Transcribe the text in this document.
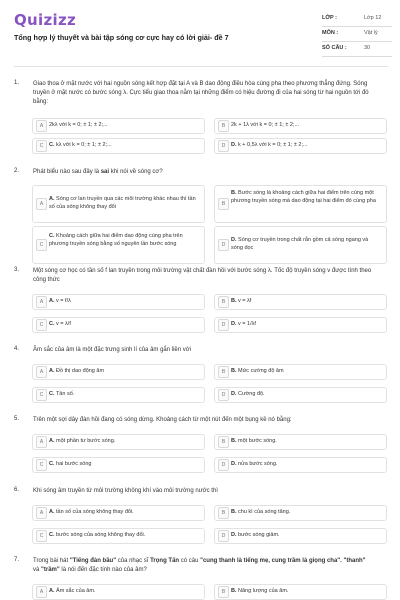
Quizizz
Tổng hợp lý thuyết và bài tập sóng cơ cực hay có lời giải- đề 7
LỚP :	Lớp 12
MÔN :	Vật lý
SỐ CÂU :	30
1. Giao thoa ở mặt nước với hai nguồn sóng kết hợp đặt tại A và B dao động điều hòa cùng pha theo phương thẳng đứng. Sóng truyền ở mặt nước có bước sóng λ. Cực tiểu giao thoa nằm tại những điểm có hiệu đường đi của hai sóng từ hai nguồn tới đó bằng:
A	2kλ với k = 0; ± 1; ± 2;...	B	2k + 1λ với k = 0; ± 1; ± 2;...
C	C. kλ với k = 0; ± 1; ± 2;...	D	D. k + 0,5λ với k = 0; ± 1; ± 2;...
2. Phát biểu nào sau đây là sai khi nói về sóng cơ?
A
A. Sóng cơ lan truyền qua các môi trường khác nhau thì tần số của sóng không thay đổi	B
B. Bước sóng là khoảng cách giữa hai điểm trên cùng một phương truyền sóng mà dao động tại hai điểm đó cùng pha
C
C. Khoảng cách giữa hai điểm dao động cùng pha trên phương truyền sóng bằng số nguyên lần bước sóng	D
D. Sóng cơ truyền trong chất rắn gồm cả sóng ngang và sóng dọc
3. Một sóng cơ học có tần số f lan truyền trong môi trường vật chất đàn hồi với bước sóng λ. Tốc độ truyền sóng v được tính theo công thức
A	A. v = f/λ	B	B. v = λf
C	C. v = λ/f	D	D. v = 1/λf
4. Âm sắc của âm là một đặc trưng sinh lí của âm gắn liền với
A	A. Đồ thị dao động âm	B	B. Mức cường độ âm
C	C. Tần số.	D	D. Cường độ.
5. Trên một sợi dây đàn hồi đang có sóng dừng. Khoảng cách từ một nút đến một bụng kề nó bằng:
A	A. một phần tư bước sóng.	B	B. một bước sóng.
C	C. hai bước sóng	D	D. nửa bước sóng.
6. Khi sóng âm truyền từ môi trường không khí vào môi trường nước thì
A	A. tần số của sóng không thay đổi.	B	B. chu kì của sóng tăng.
C	C. bước sóng của sóng không thay đổi.	D	D. bước sóng giảm.
7. Trong bài hát "Tiếng đàn bầu" của nhạc sĩ Trọng Tấn có câu "cung thanh là tiếng mẹ, cung trầm là giọng cha". "thanh" và "trầm" là nói đến đặc tính nào của âm?
A	A. Âm sắc của âm.	B	B. Năng lượng của âm.
